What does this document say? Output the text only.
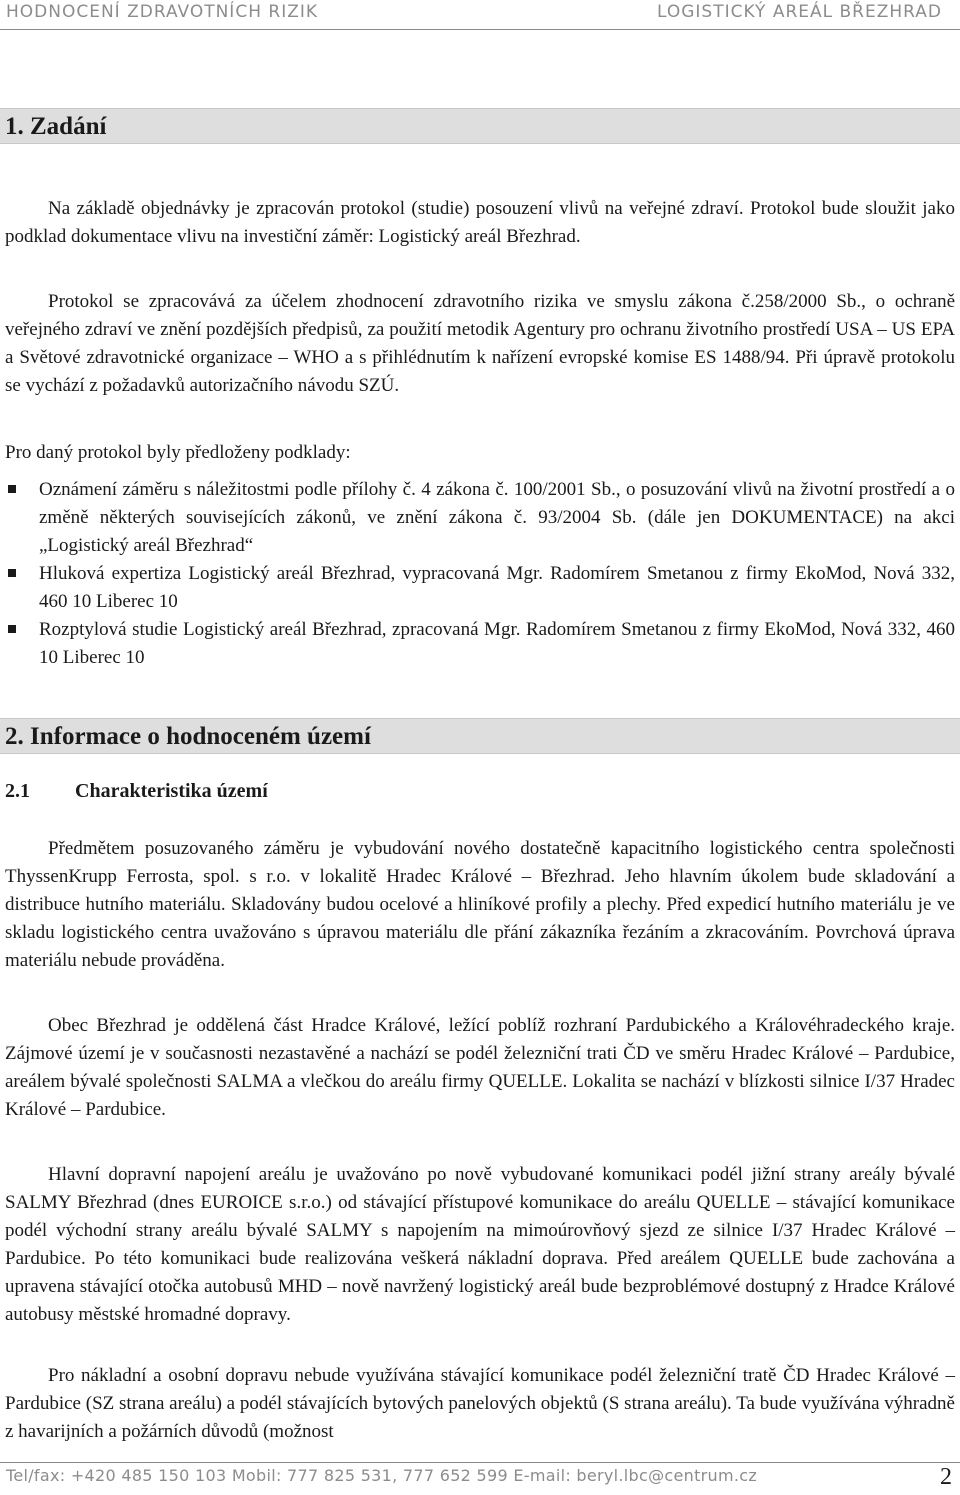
HODNOCENÍ ZDRAVOTNÍCH RIZIK	LOGISTICKÝ AREÁL BŘEZHRAD
1. Zadání

Na základě objednávky je zpracován protokol (studie) posouzení vlivů na veřejné zdraví. Protokol bude sloužit jako podklad dokumentace vlivu na investiční záměr: Logistický areál Březhrad.

Protokol se zpracovává za účelem zhodnocení zdravotního rizika ve smyslu zákona č.258/2000 Sb., o ochraně veřejného zdraví ve znění pozdějších předpisů, za použití metodik Agentury pro ochranu životního prostředí USA – US EPA a Světové zdravotnické organizace – WHO a s přihlédnutím k nařízení evropské komise ES 1488/94. Při úpravě protokolu se vychází z požadavků autorizačního návodu SZÚ.

Pro daný protokol byly předloženy podklady:

Oznámení záměru s náležitostmi podle přílohy č. 4 zákona č. 100/2001 Sb., o posuzování vlivů na životní prostředí a o změně některých souvisejících zákonů, ve znění zákona č. 93/2004 Sb. (dále jen DOKUMENTACE) na akci „Logistický areál Březhrad“

Hluková expertiza Logistický areál Březhrad, vypracovaná Mgr. Radomírem Smetanou z firmy EkoMod, Nová 332, 460 10 Liberec 10

Rozptylová studie Logistický areál Březhrad, zpracovaná Mgr. Radomírem Smetanou z firmy EkoMod, Nová 332, 460 10 Liberec 10

2. Informace o hodnoceném území
2.1 Charakteristika území

Předmětem posuzovaného záměru je vybudování nového dostatečně kapacitního logistického centra společnosti ThyssenKrupp Ferrosta, spol. s r.o. v lokalitě Hradec Králové – Březhrad. Jeho hlavním úkolem bude skladování a distribuce hutního materiálu. Skladovány budou ocelové a hliníkové profily a plechy. Před expedicí hutního materiálu je ve skladu logistického centra uvažováno s úpravou materiálu dle přání zákazníka řezáním a zkracováním. Povrchová úprava materiálu nebude prováděna.

Obec Březhrad je oddělená část Hradce Králové, ležící poblíž rozhraní Pardubického a Královéhradeckého kraje. Zájmové území je v současnosti nezastavěné a nachází se podél železniční trati ČD ve směru Hradec Králové – Pardubice, areálem bývalé společnosti SALMA a vlečkou do areálu firmy QUELLE. Lokalita se nachází v blízkosti silnice I/37 Hradec Králové – Pardubice.

Hlavní dopravní napojení areálu je uvažováno po nově vybudované komunikaci podél jižní strany areály bývalé SALMY Březhrad (dnes EUROICE s.r.o.) od stávající přístupové komunikace do areálu QUELLE – stávající komunikace podél východní strany areálu bývalé SALMY s napojením na mimoúrovňový sjezd ze silnice I/37 Hradec Králové – Pardubice. Po této komunikaci bude realizována veškerá nákladní doprava. Před areálem QUELLE bude zachována a upravena stávající otočka autobusů MHD – nově navržený logistický areál bude bezproblémové dostupný z Hradce Králové autobusy městské hromadné dopravy.

Pro nákladní a osobní dopravu nebude využívána stávající komunikace podél železniční tratě ČD Hradec Králové – Pardubice (SZ strana areálu) a podél stávajících bytových panelových objektů (S strana areálu). Ta bude využívána výhradně z havarijních a požárních důvodů (možnost

Tel/fax: +420 485 150 103 Mobil: 777 825 531, 777 652 599 E-mail: beryl.lbc@centrum.cz	2
